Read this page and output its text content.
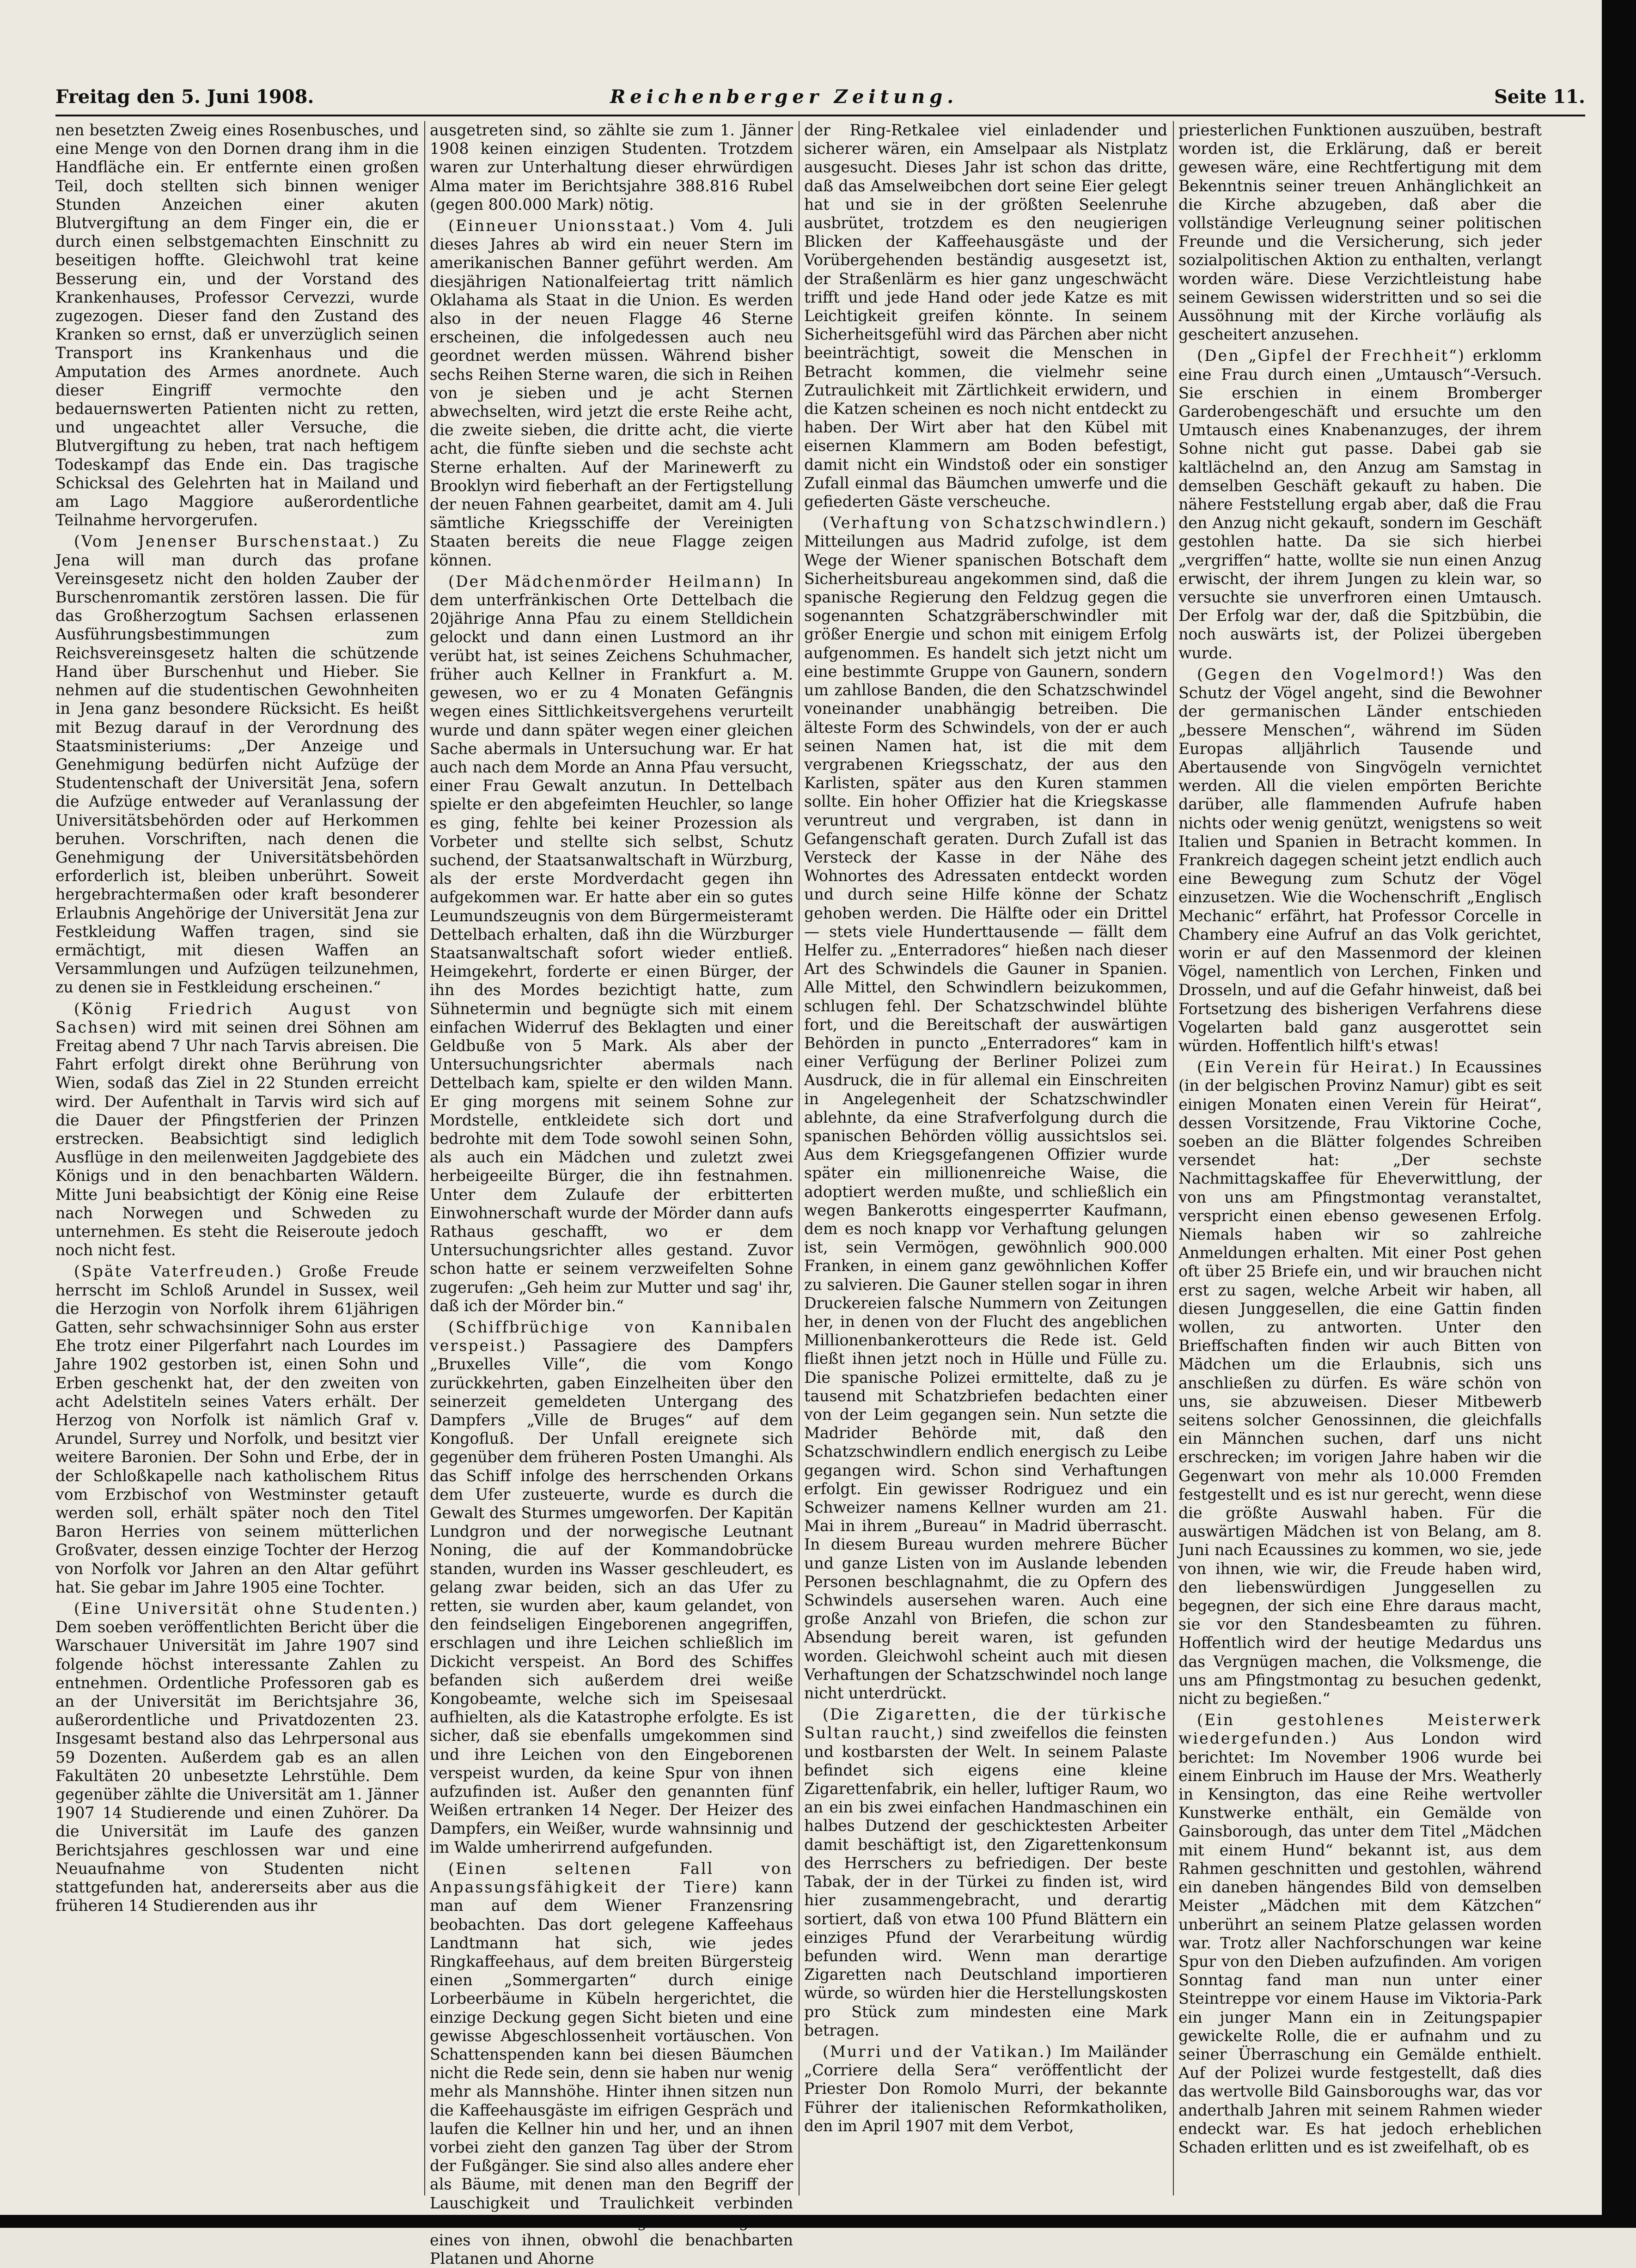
Freitag den 5. Juni 1908.	Reichenberger Zeitung.	Seite 11.

nen besetzten Zweig eines Rosenbusches, und eine Menge von den Dornen drang ihm in die Handfläche ein. Er entfernte einen großen Teil, doch stellten sich binnen weniger Stunden Anzeichen einer akuten Blutvergiftung an dem Finger ein, die er durch einen selbstgemachten Einschnitt zu beseitigen hoffte. Gleichwohl trat keine Besserung ein, und der Vorstand des Krankenhauses, Professor Cervezzi, wurde zugezogen. Dieser fand den Zustand des Kranken so ernst, daß er unverzüglich seinen Transport ins Krankenhaus und die Amputation des Armes anordnete. Auch dieser Eingriff vermochte den bedauernswerten Patienten nicht zu retten, und ungeachtet aller Versuche, die Blutvergiftung zu heben, trat nach heftigem Todeskampf das Ende ein. Das tragische Schicksal des Gelehrten hat in Mailand und am Lago Maggiore außerordentliche Teilnahme hervorgerufen.

(Vom Jenenser Burschenstaat.) Zu Jena will man durch das profane Vereinsgesetz nicht den holden Zauber der Burschenromantik zerstören lassen. Die für das Großherzogtum Sachsen erlassenen Ausführungsbestimmungen zum Reichsvereinsgesetz halten die schützende Hand über Burschenhut und Hieber. Sie nehmen auf die studentischen Gewohnheiten in Jena ganz besondere Rücksicht. Es heißt mit Bezug darauf in der Verordnung des Staatsministeriums: „Der Anzeige und Genehmigung bedürfen nicht Aufzüge der Studentenschaft der Universität Jena, sofern die Aufzüge entweder auf Veranlassung der Universitätsbehörden oder auf Herkommen beruhen. Vorschriften, nach denen die Genehmigung der Universitätsbehörden erforderlich ist, bleiben unberührt. Soweit hergebrachtermaßen oder kraft besonderer Erlaubnis Angehörige der Universität Jena zur Festkleidung Waffen tragen, sind sie ermächtigt, mit diesen Waffen an Versammlungen und Aufzügen teilzunehmen, zu denen sie in Festkleidung erscheinen.“

(König Friedrich August von Sachsen) wird mit seinen drei Söhnen am Freitag abend 7 Uhr nach Tarvis abreisen. Die Fahrt erfolgt direkt ohne Berührung von Wien, sodaß das Ziel in 22 Stunden erreicht wird. Der Aufenthalt in Tarvis wird sich auf die Dauer der Pfingstferien der Prinzen erstrecken. Beabsichtigt sind lediglich Ausflüge in den meilenweiten Jagdgebiete des Königs und in den benachbarten Wäldern. Mitte Juni beabsichtigt der König eine Reise nach Norwegen und Schweden zu unternehmen. Es steht die Reiseroute jedoch noch nicht fest.

(Späte Vaterfreuden.) Große Freude herrscht im Schloß Arundel in Sussex, weil die Herzogin von Norfolk ihrem 61jährigen Gatten, sehr schwachsinniger Sohn aus erster Ehe trotz einer Pilgerfahrt nach Lourdes im Jahre 1902 gestorben ist, einen Sohn und Erben geschenkt hat, der den zweiten von acht Adelstiteln seines Vaters erhält. Der Herzog von Norfolk ist nämlich Graf v. Arundel, Surrey und Norfolk, und besitzt vier weitere Baronien. Der Sohn und Erbe, der in der Schloßkapelle nach katholischem Ritus vom Erzbischof von Westminster getauft werden soll, erhält später noch den Titel Baron Herries von seinem mütterlichen Großvater, dessen einzige Tochter der Herzog von Norfolk vor Jahren an den Altar geführt hat. Sie gebar im Jahre 1905 eine Tochter.

(Eine Universität ohne Studenten.) Dem soeben veröffentlichten Bericht über die Warschauer Universität im Jahre 1907 sind folgende höchst interessante Zahlen zu entnehmen. Ordentliche Professoren gab es an der Universität im Berichtsjahre 36, außerordentliche und Privatdozenten 23. Insgesamt bestand also das Lehrpersonal aus 59 Dozenten. Außerdem gab es an allen Fakultäten 20 unbesetzte Lehrstühle. Dem gegenüber zählte die Universität am 1. Jänner 1907 14 Studierende und einen Zuhörer. Da die Universität im Laufe des ganzen Berichtsjahres geschlossen war und eine Neuaufnahme von Studenten nicht stattgefunden hat, andererseits aber aus die früheren 14 Studierenden aus ihr

ausgetreten sind, so zählte sie zum 1. Jänner 1908 keinen einzigen Studenten. Trotzdem waren zur Unterhaltung dieser ehrwürdigen Alma mater im Berichtsjahre 388.816 Rubel (gegen 800.000 Mark) nötig.

(Einneuer Unionsstaat.) Vom 4. Juli dieses Jahres ab wird ein neuer Stern im amerikanischen Banner geführt werden. Am diesjährigen Nationalfeiertag tritt nämlich Oklahama als Staat in die Union. Es werden also in der neuen Flagge 46 Sterne erscheinen, die infolgedessen auch neu geordnet werden müssen. Während bisher sechs Reihen Sterne waren, die sich in Reihen von je sieben und je acht Sternen abwechselten, wird jetzt die erste Reihe acht, die zweite sieben, die dritte acht, die vierte acht, die fünfte sieben und die sechste acht Sterne erhalten. Auf der Marinewerft zu Brooklyn wird fieberhaft an der Fertigstellung der neuen Fahnen gearbeitet, damit am 4. Juli sämtliche Kriegsschiffe der Vereinigten Staaten bereits die neue Flagge zeigen können.

(Der Mädchenmörder Heilmann) In dem unterfränkischen Orte Dettelbach die 20jährige Anna Pfau zu einem Stelldichein gelockt und dann einen Lustmord an ihr verübt hat, ist seines Zeichens Schuhmacher, früher auch Kellner in Frankfurt a. M. gewesen, wo er zu 4 Monaten Gefängnis wegen eines Sittlichkeitsvergehens verurteilt wurde und dann später wegen einer gleichen Sache abermals in Untersuchung war. Er hat auch nach dem Morde an Anna Pfau versucht, einer Frau Gewalt anzutun. In Dettelbach spielte er den abgefeimten Heuchler, so lange es ging, fehlte bei keiner Prozession als Vorbeter und stellte sich selbst, Schutz suchend, der Staatsanwaltschaft in Würzburg, als der erste Mordverdacht gegen ihn aufgekommen war. Er hatte aber ein so gutes Leumundszeugnis von dem Bürgermeisteramt Dettelbach erhalten, daß ihn die Würzburger Staatsanwaltschaft sofort wieder entließ. Heimgekehrt, forderte er einen Bürger, der ihn des Mordes bezichtigt hatte, zum Sühnetermin und begnügte sich mit einem einfachen Widerruf des Beklagten und einer Geldbuße von 5 Mark. Als aber der Untersuchungsrichter abermals nach Dettelbach kam, spielte er den wilden Mann. Er ging morgens mit seinem Sohne zur Mordstelle, entkleidete sich dort und bedrohte mit dem Tode sowohl seinen Sohn, als auch ein Mädchen und zuletzt zwei herbeigeeilte Bürger, die ihn festnahmen. Unter dem Zulaufe der erbitterten Einwohnerschaft wurde der Mörder dann aufs Rathaus geschafft, wo er dem Untersuchungsrichter alles gestand. Zuvor schon hatte er seinem verzweifelten Sohne zugerufen: „Geh heim zur Mutter und sag' ihr, daß ich der Mörder bin.“

(Schiffbrüchige von Kannibalen verspeist.) Passagiere des Dampfers „Bruxelles Ville“, die vom Kongo zurückkehrten, gaben Einzelheiten über den seinerzeit gemeldeten Untergang des Dampfers „Ville de Bruges“ auf dem Kongofluß. Der Unfall ereignete sich gegenüber dem früheren Posten Umanghi. Als das Schiff infolge des herrschenden Orkans dem Ufer zusteuerte, wurde es durch die Gewalt des Sturmes umgeworfen. Der Kapitän Lundgron und der norwegische Leutnant Noning, die auf der Kommandobrücke standen, wurden ins Wasser geschleudert, es gelang zwar beiden, sich an das Ufer zu retten, sie wurden aber, kaum gelandet, von den feindseligen Eingeborenen angegriffen, erschlagen und ihre Leichen schließlich im Dickicht verspeist. An Bord des Schiffes befanden sich außerdem drei weiße Kongobeamte, welche sich im Speisesaal aufhielten, als die Katastrophe erfolgte. Es ist sicher, daß sie ebenfalls umgekommen sind und ihre Leichen von den Eingeborenen verspeist wurden, da keine Spur von ihnen aufzufinden ist. Außer den genannten fünf Weißen ertranken 14 Neger. Der Heizer des Dampfers, ein Weißer, wurde wahnsinnig und im Walde umherirrend aufgefunden.

(Einen seltenen Fall von Anpassungsfähigkeit der Tiere) kann man auf dem Wiener Franzensring beobachten. Das dort gelegene Kaffeehaus Landtmann hat sich, wie jedes Ringkaffeehaus, auf dem breiten Bürgersteig einen „Sommergarten“ durch einige Lorbeerbäume in Kübeln hergerichtet, die einzige Deckung gegen Sicht bieten und eine gewisse Abgeschlossenheit vortäuschen. Von Schattenspenden kann bei diesen Bäumchen nicht die Rede sein, denn sie haben nur wenig mehr als Mannshöhe. Hinter ihnen sitzen nun die Kaffeehausgäste im eifrigen Gespräch und laufen die Kellner hin und her, und an ihnen vorbei zieht den ganzen Tag über der Strom der Fußgänger. Sie sind also alles andere eher als Bäume, mit denen man den Begriff der Lauschigkeit und Traulichkeit verbinden eines von ihnen, obwohl die benachbarten Platanen und Ahorne

der Ring-Retkalee viel einladender und sicherer wären, ein Amselpaar als Nistplatz ausgesucht. Dieses Jahr ist schon das dritte, daß das Amselweibchen dort seine Eier gelegt hat und sie in der größten Seelenruhe ausbrütet, trotzdem es den neugierigen Blicken der Kaffeehausgäste und der Vorübergehenden beständig ausgesetzt ist, der Straßenlärm es hier ganz ungeschwächt trifft und jede Hand oder jede Katze es mit Leichtigkeit greifen könnte. In seinem Sicherheitsgefühl wird das Pärchen aber nicht beeinträchtigt, soweit die Menschen in Betracht kommen, die vielmehr seine Zutraulichkeit mit Zärtlichkeit erwidern, und die Katzen scheinen es noch nicht entdeckt zu haben. Der Wirt aber hat den Kübel mit eisernen Klammern am Boden befestigt, damit nicht ein Windstoß oder ein sonstiger Zufall einmal das Bäumchen umwerfe und die gefiederten Gäste verscheuche.

(Verhaftung von Schatzschwindlern.) Mitteilungen aus Madrid zufolge, ist dem Wege der Wiener spanischen Botschaft dem Sicherheitsbureau angekommen sind, daß die spanische Regierung den Feldzug gegen die sogenannten Schatzgräberschwindler mit größer Energie und schon mit einigem Erfolg aufgenommen. Es handelt sich jetzt nicht um eine bestimmte Gruppe von Gaunern, sondern um zahllose Banden, die den Schatzschwindel voneinander unabhängig betreiben. Die älteste Form des Schwindels, von der er auch seinen Namen hat, ist die mit dem vergrabenen Kriegsschatz, der aus den Karlisten, später aus den Kuren stammen sollte. Ein hoher Offizier hat die Kriegskasse veruntreut und vergraben, ist dann in Gefangenschaft geraten. Durch Zufall ist das Versteck der Kasse in der Nähe des Wohnortes des Adressaten entdeckt worden und durch seine Hilfe könne der Schatz gehoben werden. Die Hälfte oder ein Drittel — stets viele Hunderttausende — fällt dem Helfer zu. „Enterradores“ hießen nach dieser Art des Schwindels die Gauner in Spanien. Alle Mittel, den Schwindlern beizukommen, schlugen fehl. Der Schatzschwindel blühte fort, und die Bereitschaft der auswärtigen Behörden in puncto „Enterradores“ kam in einer Verfügung der Berliner Polizei zum Ausdruck, die in für allemal ein Einschreiten in Angelegenheit der Schatzschwindler ablehnte, da eine Strafverfolgung durch die spanischen Behörden völlig aussichtslos sei. Aus dem Kriegsgefangenen Offizier wurde später ein millionenreiche Waise, die adoptiert werden mußte, und schließlich ein wegen Bankerotts eingesperrter Kaufmann, dem es noch knapp vor Verhaftung gelungen ist, sein Vermögen, gewöhnlich 900.000 Franken, in einem ganz gewöhnlichen Koffer zu salvieren. Die Gauner stellen sogar in ihren Druckereien falsche Nummern von Zeitungen her, in denen von der Flucht des angeblichen Millionenbankerotteurs die Rede ist. Geld fließt ihnen jetzt noch in Hülle und Fülle zu. Die spanische Polizei ermittelte, daß zu je tausend mit Schatzbriefen bedachten einer von der Leim gegangen sein. Nun setzte die Madrider Behörde mit, daß den Schatzschwindlern endlich energisch zu Leibe gegangen wird. Schon sind Verhaftungen erfolgt. Ein gewisser Rodriguez und ein Schweizer namens Kellner wurden am 21. Mai in ihrem „Bureau“ in Madrid überrascht. In diesem Bureau wurden mehrere Bücher und ganze Listen von im Auslande lebenden Personen beschlagnahmt, die zu Opfern des Schwindels ausersehen waren. Auch eine große Anzahl von Briefen, die schon zur Absendung bereit waren, ist gefunden worden. Gleichwohl scheint auch mit diesen Verhaftungen der Schatzschwindel noch lange nicht unterdrückt.

(Die Zigaretten, die der türkische Sultan raucht,) sind zweifellos die feinsten und kostbarsten der Welt. In seinem Palaste befindet sich eigens eine kleine Zigarettenfabrik, ein heller, luftiger Raum, wo an ein bis zwei einfachen Handmaschinen ein halbes Dutzend der geschicktesten Arbeiter damit beschäftigt ist, den Zigarettenkonsum des Herrschers zu befriedigen. Der beste Tabak, der in der Türkei zu finden ist, wird hier zusammengebracht, und derartig sortiert, daß von etwa 100 Pfund Blättern ein einziges Pfund der Verarbeitung würdig befunden wird. Wenn man derartige Zigaretten nach Deutschland importieren würde, so würden hier die Herstellungskosten pro Stück zum mindesten eine Mark betragen.

(Murri und der Vatikan.) Im Mailänder „Corriere della Sera“ veröffentlicht der Priester Don Romolo Murri, der bekannte Führer der italienischen Reformkatholiken, den im April 1907 mit dem Verbot,

priesterlichen Funktionen auszuüben, bestraft worden ist, die Erklärung, daß er bereit gewesen wäre, eine Rechtfertigung mit dem Bekenntnis seiner treuen Anhänglichkeit an die Kirche abzugeben, daß aber die vollständige Verleugnung seiner politischen Freunde und die Versicherung, sich jeder sozialpolitischen Aktion zu enthalten, verlangt worden wäre. Diese Verzichtleistung habe seinem Gewissen widerstritten und so sei die Aussöhnung mit der Kirche vorläufig als gescheitert anzusehen.

(Den „Gipfel der Frechheit“) erklomm eine Frau durch einen „Umtausch“-Versuch. Sie erschien in einem Bromberger Garderobengeschäft und ersuchte um den Umtausch eines Knabenanzuges, der ihrem Sohne nicht gut passe. Dabei gab sie kaltlächelnd an, den Anzug am Samstag in demselben Geschäft gekauft zu haben. Die nähere Feststellung ergab aber, daß die Frau den Anzug nicht gekauft, sondern im Geschäft gestohlen hatte. Da sie sich hierbei „vergriffen“ hatte, wollte sie nun einen Anzug erwischt, der ihrem Jungen zu klein war, so versuchte sie unverfroren einen Umtausch. Der Erfolg war der, daß die Spitzbübin, die noch auswärts ist, der Polizei übergeben wurde.

(Gegen den Vogelmord!) Was den Schutz der Vögel angeht, sind die Bewohner der germanischen Länder entschieden „bessere Menschen“, während im Süden Europas alljährlich Tausende und Abertausende von Singvögeln vernichtet werden. All die vielen empörten Berichte darüber, alle flammenden Aufrufe haben nichts oder wenig genützt, wenigstens so weit Italien und Spanien in Betracht kommen. In Frankreich dagegen scheint jetzt endlich auch eine Bewegung zum Schutz der Vögel einzusetzen. Wie die Wochenschrift „Englisch Mechanic“ erfährt, hat Professor Corcelle in Chambery eine Aufruf an das Volk gerichtet, worin er auf den Massenmord der kleinen Vögel, namentlich von Lerchen, Finken und Drosseln, und auf die Gefahr hinweist, daß bei Fortsetzung des bisherigen Verfahrens diese Vogelarten bald ganz ausgerottet sein würden. Hoffentlich hilft's etwas!

(Ein Verein für Heirat.) In Ecaussines (in der belgischen Provinz Namur) gibt es seit einigen Monaten einen Verein für Heirat“, dessen Vorsitzende, Frau Viktorine Coche, soeben an die Blätter folgendes Schreiben versendet hat: „Der sechste Nachmittagskaffee für Eheverwittlung, der von uns am Pfingstmontag veranstaltet, verspricht einen ebenso gewesenen Erfolg. Niemals haben wir so zahlreiche Anmeldungen erhalten. Mit einer Post gehen oft über 25 Briefe ein, und wir brauchen nicht erst zu sagen, welche Arbeit wir haben, all diesen Junggesellen, die eine Gattin finden wollen, zu antworten. Unter den Brieffschaften finden wir auch Bitten von Mädchen um die Erlaubnis, sich uns anschließen zu dürfen. Es wäre schön von uns, sie abzuweisen. Dieser Mitbewerb seitens solcher Genossinnen, die gleichfalls ein Männchen suchen, darf uns nicht erschrecken; im vorigen Jahre haben wir die Gegenwart von mehr als 10.000 Fremden festgestellt und es ist nur gerecht, wenn diese die größte Auswahl haben. Für die auswärtigen Mädchen ist von Belang, am 8. Juni nach Ecaussines zu kommen, wo sie, jede von ihnen, wie wir, die Freude haben wird, den liebenswürdigen Junggesellen zu begegnen, der sich eine Ehre daraus macht, sie vor den Standesbeamten zu führen. Hoffentlich wird der heutige Medardus uns das Vergnügen machen, die Volksmenge, die uns am Pfingstmontag zu besuchen gedenkt, nicht zu begießen.“

(Ein gestohlenes Meisterwerk wiedergefunden.) Aus London wird berichtet: Im November 1906 wurde bei einem Einbruch im Hause der Mrs. Weatherly in Kensington, das eine Reihe wertvoller Kunstwerke enthält, ein Gemälde von Gainsborough, das unter dem Titel „Mädchen mit einem Hund“ bekannt ist, aus dem Rahmen geschnitten und gestohlen, während ein daneben hängendes Bild von demselben Meister „Mädchen mit dem Kätzchen“ unberührt an seinem Platze gelassen worden war. Trotz aller Nachforschungen war keine Spur von den Dieben aufzufinden. Am vorigen Sonntag fand man nun unter einer Steintreppe vor einem Hause im Viktoria-Park ein junger Mann ein in Zeitungspapier gewickelte Rolle, die er aufnahm und zu seiner Überraschung ein Gemälde enthielt. Auf der Polizei wurde festgestellt, daß dies das wertvolle Bild Gainsboroughs war, das vor anderthalb Jahren mit seinem Rahmen wieder endeckt war. Es hat jedoch erheblichen Schaden erlitten und es ist zweifelhaft, ob es
